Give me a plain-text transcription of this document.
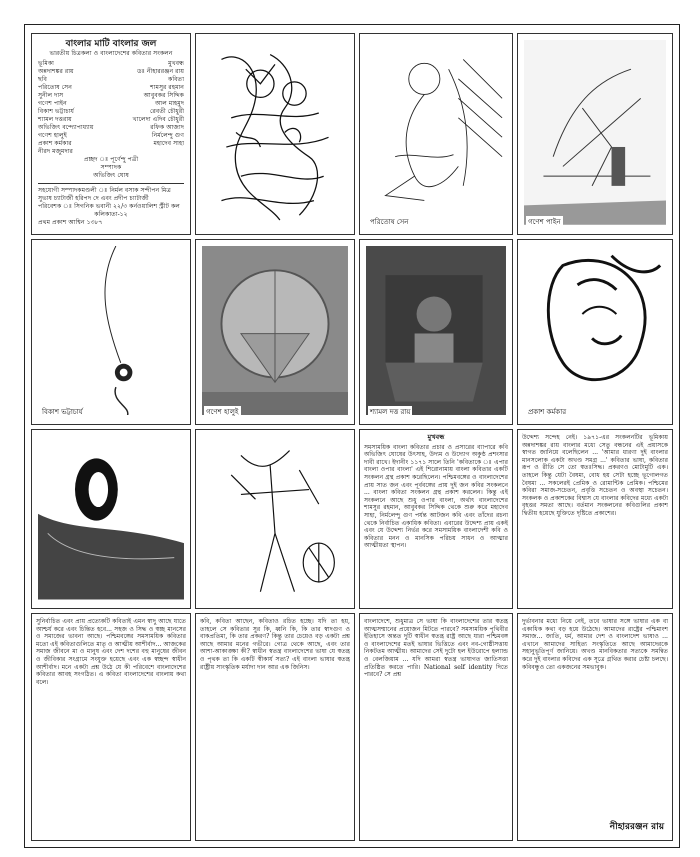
বাংলার মাটি বাংলার জল
ভারতীয় চিত্রকলা ও বাংলাদেশের কবিতার সংকলন
ভূমিকা	মুখবন্ধ
অন্নদাশঙ্কর রায়	ডঃ নীহাররঞ্জন রায়
ছবি	কবিতা
পরিতোষ সেন	শামসুর রহমান
সুনীল দাস	আবুবকর সিদ্দিক
গণেশ পাইন	আল মাহমুদ
বিকাশ ভট্টাচার্য	রেবতী চৌধুরী
শ্যামল দত্তরায়	খালেদা এদিব চৌধুরী
অভিজিৎ বন্দ্যোপাধ্যায়	রফিক আজাদ
গণেশ হালুই	নির্মলেন্দু গুণ
প্রকাশ কর্মকার	মহাদেব সাহা
নীরদ মজুমদার
প্রচ্ছদ ঃ পূর্ণেন্দু পত্রী
সম্পাদক
অভিজিৎ ঘোষ
সহযোগী সম্পাদকমণ্ডলী ঃ নির্মল বসাক সন্দীপন মিত্র
সুভাষ চ্যাটার্জী হরিপদ দে এবং প্রদীপ চ্যাটার্জী
পরিবেশক ঃ সিগনিক ভবানী ২২/৩ কর্নওয়ালিশ স্ট্রীট কল
কলিকাতা-১২
প্রথম প্রকাশ আশ্বিন ১৩৮৭	পরিতোষ সেন	গণেশ পাইন
বিকাশ ভট্টাচার্য	গণেশ হালুই	শ্যামল দত্ত রায়	প্রকাশ কর্মকার
মুখবন্ধ

সমসাময়িক বাংলা কবিতার প্রচার ও প্রসারের ব্যাপারে কবি অভিজিৎ ঘোষের উৎসাহ, উদ্যম ও উদ্যোগ অকুণ্ঠ প্রশংসার দাবী রাখে। ইদানীং ১১৭১ সালে তিনি 'কবিতাকে ঃ এপার বাংলা ওপার বাংলা' এই শিরোনামায় বাংলা কবিতার একটি সংকলন গ্রন্থ প্রকাশ করেছিলেন। পশ্চিমবঙ্গের ও বাংলাদেশের প্রায় সাত জন এবং পূর্ববঙ্গের প্রায় দুই জন কবির সংকলনে ... বাংলা কবিতা সংকলন গ্রন্থ প্রকাশ করলেন। কিন্তু এই সংকলনে আছে শুধু ওপার বাংলা, অর্থাৎ বাংলাদেশের শামসুর রহমান, আবুবকর সিদ্দিক থেকে শুরু করে মহাদেব সাহা, নির্মলেন্দু গুণ পর্যন্ত আটজন কবি এবং তাঁদের রচনা থেকে নির্বাচিত একাধিক কবিতা। এবারের উদ্দেশ্য প্রায় একই এবং যে উদ্দেশ্য নির্ভর করে সমসাময়িক বাংলাদেশী কবি ও কবিতার মনন ও মানসিক পরিচয় সাধন ও আত্মার আত্মীয়তা স্থাপন।

উদ্দেশ্য সন্দেহ নেই। ১৯৭১-এর সংকলনটির ভূমিকায় অন্নদাশঙ্কর রায় বাংলার মধ্যে সেতু বন্ধনের এই প্রয়াসকে স্বাগত জানিয়ে বলেছিলেন ... 'আমার ধারণা দুই বাংলার মানসলোক একটা অখণ্ড সমগ্র ...' কবিতার ভাষা, কবিতার রূপ ও রীতি সে তো স্বতঃসিদ্ধ। প্রকরণও মোটামুটি এক। তাহলে কিন্তু যেটা বৈষম্য, বোধ হয় সেটা হচ্ছে ভূগোলগত বৈষম্য ... সকলেরই প্রেমিক ও রোমান্টিক প্রেমিক। পশ্চিমের কবিরা সমাজ-সচেতন, প্রবৃত্তি সচেতন ও অবস্থা সচেতন। সংকলক ও প্রকাশকের বিশ্বাস যে বাংলার কবিদের মধ্যে একটা বৃহত্তর সমতা আছে। বর্তমান সংকলনের কবিগুলির প্রকাশ দ্বিতীয় হয়েছে যুক্তিতে দৃষ্টিতে প্রকাশের।

সুনির্বাচিত এবং প্রায় প্রত্যেকটি কবিতাই এমন স্বাদু আছে যাতে আশ্চর্য করে এবং চিন্তিত হবে... সহজ ও সিদ্ধ ও স্বচ্ছ মানসের ও সমাজের ভাবনা আছে। পশ্চিমবঙ্গের সমসাময়িক কবিতার মতো এই কবিতাগুলিতে মাতৃ ও আত্মীয় আশীর্বাদ... আজকের সমাজ জীবনে মা ও মানুষ এবং দেশ দশের বহু মানুষের জীবন ও জীবিকার সংগ্রামে সংযুক্ত হয়েছে এবং এক স্বচ্ছন্দ স্বাধীন আশীর্বাদ। মনে একটা প্রশ্ন উঠে যে কী পরিবেশে বাংলাদেশের কবিতার আবহ সংগঠিত। এ কবিতা বাংলাদেশের বাংলায় কথা বলে।

কবি, কবিতা আছেন, কবিতাও রচিত হচ্ছে। যদি তা হয়, তাহলে সে কবিতার সুর কি, ধ্বনি কি, কি তার স্বাদগুণ ও বাকপ্রতিমা, কি তার প্রকরণ? কিন্তু তার চেয়েও বড় একটা প্রশ্ন আছে আমার মনের গভীরে। গোত্র থেকে আছে, এবং তার আশা-আকাঙ্ক্ষা কী? স্বাধীন স্বতন্ত্র বাংলাদেশের ভাষা যে স্বতন্ত্র ও পৃথক তা কি একটি স্বীকার্য সত্য? এই বাংলা ভাষার স্বতন্ত্র রাষ্ট্রীয় সাংস্কৃতিক মর্যাদা দান আর এক জিনিস।

বাংলাদেশে, শুধুমাত্র সে ভাষা কি বাংলাদেশের তার স্বতন্ত্র আত্মসম্মানের প্রয়োজন মিটতে পারবে? সমসাময়িক পৃথিবীর ইতিহাসে অন্তত দুটি স্বাধীন স্বতন্ত্র রাষ্ট্র আছে যারা পশ্চিমবঙ্গ ও বাংলাদেশের মতই ভাষার ভিত্তিতে এবং নব-গোষ্ঠীসত্তায় নিকটতম আত্মীয়। আমাদের সেই দুটো হল ইউরোপে হল্যান্ড ও বেলজিয়াম ... যদি আমরা স্বতন্ত্র ভাষাগত জাতিসত্তা প্রতিষ্ঠিত করতে পারি। National self identity দিতে পারবে? সে প্রশ্ন

দুর্ভাবনার মধ্যে নিয়ে নেই, তবে ভাষার সঙ্গে ভাষার এক বা একাধিক কথা বড় হয়ে উঠেছে। আমাদের রাষ্ট্রের পশ্চিমাংশ সমাজ... জাতি, ধর্ম, আমার দেশ ও বাংলাদেশ ভাষাও ... এখানে আমাদের সাহিত্য সংস্কৃতিতে আছে আমাদেরকে সহানুভূতিপূর্ণ জানিয়ে। অখণ্ড মানবিকতার সত্যকে সমন্বিত করে দুই বাংলার কবিদের এক সূত্রে গ্রথিত করার চেষ্টা চলছে। কবিবন্ধুও তো একজনের সমভাবুক।

নীহাররঞ্জন রায়
